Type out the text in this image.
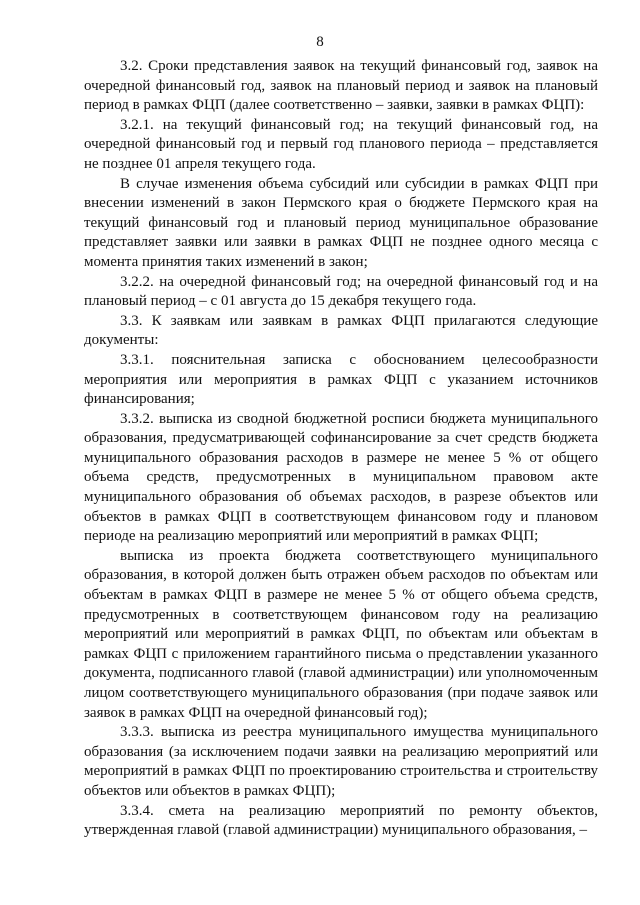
8

3.2. Сроки представления заявок на текущий финансовый год, заявок на очередной финансовый год, заявок на плановый период и заявок на плановый период в рамках ФЦП (далее соответственно – заявки, заявки в рамках ФЦП):

3.2.1. на текущий финансовый год; на текущий финансовый год, на очередной финансовый год и первый год планового периода – представляется не позднее 01 апреля текущего года.

В случае изменения объема субсидий или субсидии в рамках ФЦП при внесении изменений в закон Пермского края о бюджете Пермского края на текущий финансовый год и плановый период муниципальное образование представляет заявки или заявки в рамках ФЦП не позднее одного месяца с момента принятия таких изменений в закон;

3.2.2. на очередной финансовый год; на очередной финансовый год и на плановый период – с 01 августа до 15 декабря текущего года.

3.3. К заявкам или заявкам в рамках ФЦП прилагаются следующие документы:

3.3.1. пояснительная записка с обоснованием целесообразности мероприятия или мероприятия в рамках ФЦП с указанием источников финансирования;

3.3.2. выписка из сводной бюджетной росписи бюджета муниципального образования, предусматривающей софинансирование за счет средств бюджета муниципального образования расходов в размере не менее 5 % от общего объема средств, предусмотренных в муниципальном правовом акте муниципального образования об объемах расходов, в разрезе объектов или объектов в рамках ФЦП в соответствующем финансовом году и плановом периоде на реализацию мероприятий или мероприятий в рамках ФЦП;

выписка из проекта бюджета соответствующего муниципального образования, в которой должен быть отражен объем расходов по объектам или объектам в рамках ФЦП в размере не менее 5 % от общего объема средств, предусмотренных в соответствующем финансовом году на реализацию мероприятий или мероприятий в рамках ФЦП, по объектам или объектам в рамках ФЦП с приложением гарантийного письма о представлении указанного документа, подписанного главой (главой администрации) или уполномоченным лицом соответствующего муниципального образования (при подаче заявок или заявок в рамках ФЦП на очередной финансовый год);

3.3.3. выписка из реестра муниципального имущества муниципального образования (за исключением подачи заявки на реализацию мероприятий или мероприятий в рамках ФЦП по проектированию строительства и строительству объектов или объектов в рамках ФЦП);

3.3.4. смета на реализацию мероприятий по ремонту объектов, утвержденная главой (главой администрации) муниципального образования, –
